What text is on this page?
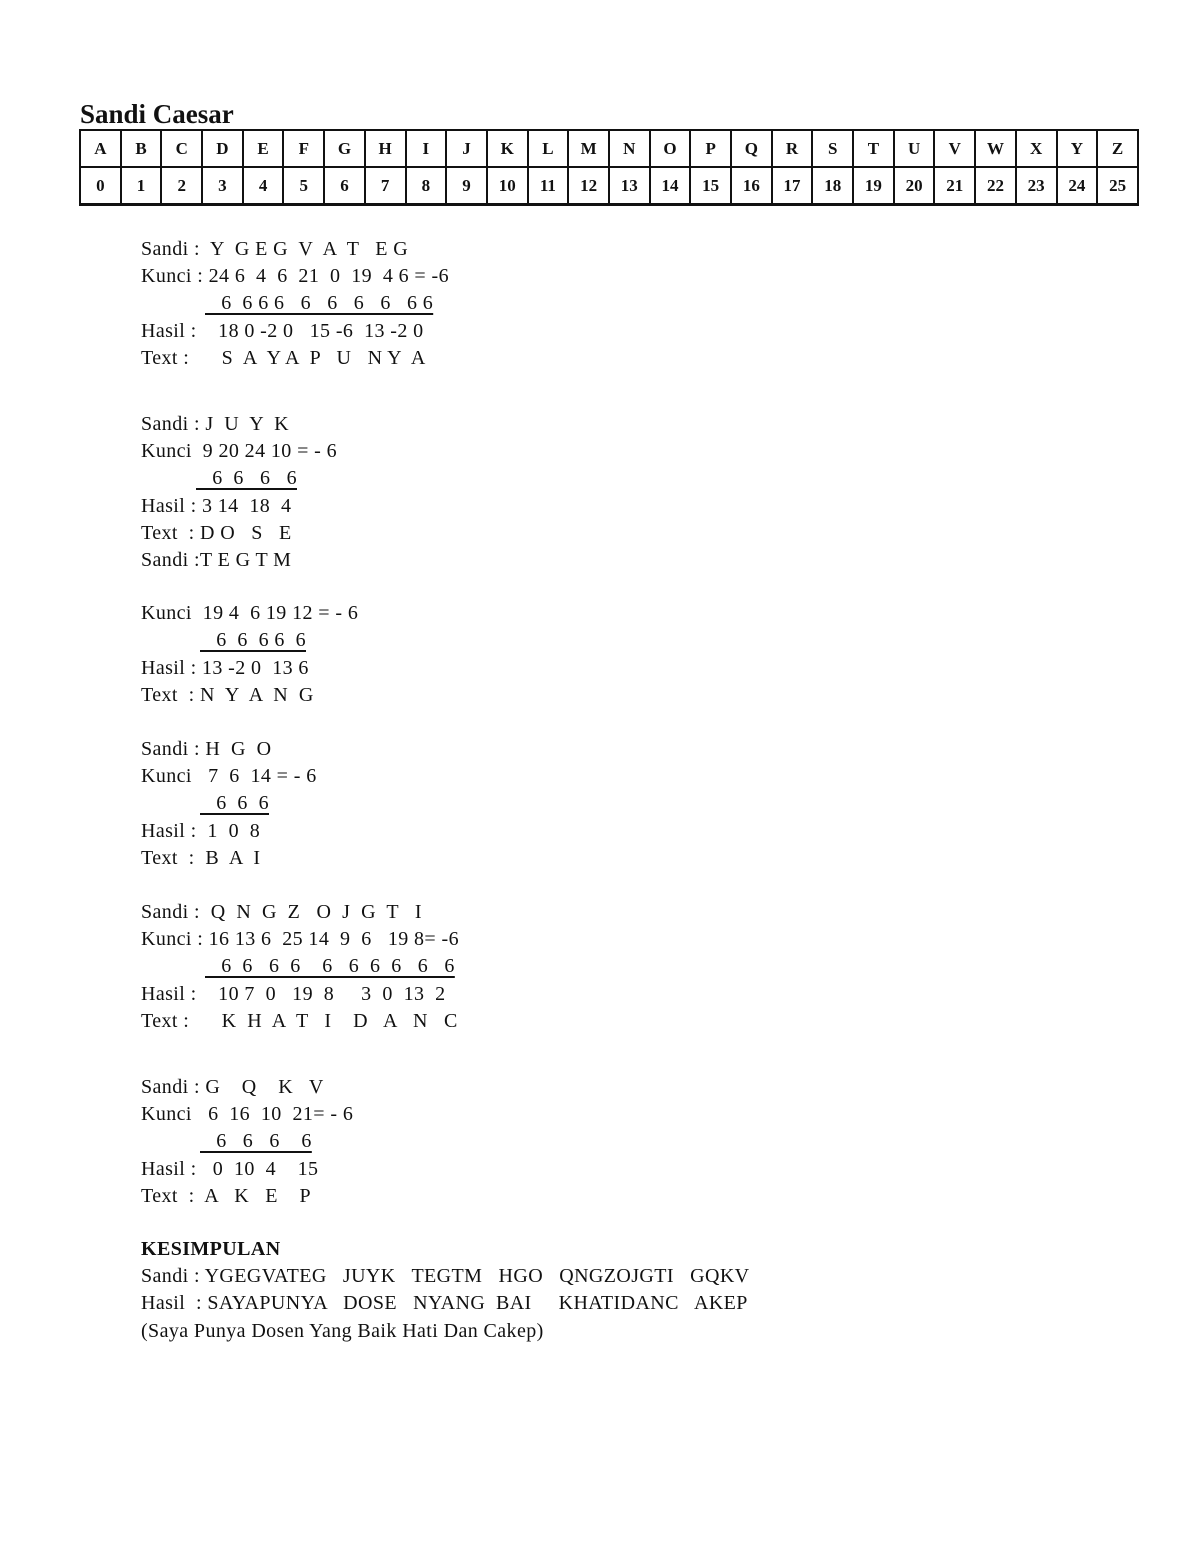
Sandi Caesar
A	B	C	D	E	F	G	H	I	J	K	L	M	N	O	P	Q	R	S	T	U	V	W	X	Y	Z
0	1	2	3	4	5	6	7	8	9	10	11	12	13	14	15	16	17	18	19	20	21	22	23	24	25
Sandi :  Y  G E G  V  A  T   E G
Kunci : 24 6  4  6  21  0  19  4 6 = -6
6  6 6 6   6   6   6   6   6 6
Hasil :    18 0 -2 0   15 -6  13 -2 0
Text :      S  A  Y A  P   U   N Y  A
Sandi : J  U  Y  K
Kunci  9 20 24 10 = - 6
6  6   6   6
Hasil : 3 14  18  4
Text  : D O   S   E
Sandi :T E G T M
Kunci  19 4  6 19 12 = - 6
6  6  6 6  6
Hasil : 13 -2 0  13 6
Text  : N  Y  A  N  G
Sandi : H  G  O
Kunci   7  6  14 = - 6
6  6  6
Hasil :  1  0  8
Text  :  B  A  I
Sandi :  Q  N  G  Z   O  J  G  T   I
Kunci : 16 13 6  25 14  9  6   19 8= -6
6  6   6  6    6   6  6  6   6   6
Hasil :    10 7  0   19  8     3  0  13  2
Text :      K  H  A  T   I    D   A   N   C
Sandi : G    Q    K   V
Kunci   6  16  10  21= - 6
6   6   6    6
Hasil :   0  10  4    15
Text  :  A   K   E    P
KESIMPULAN
Sandi : YGEGVATEG   JUYK   TEGTM   HGO   QNGZOJGTI   GQKV
Hasil  : SAYAPUNYA   DOSE   NYANG  BAI     KHATIDANC   AKEP
(Saya Punya Dosen Yang Baik Hati Dan Cakep)
